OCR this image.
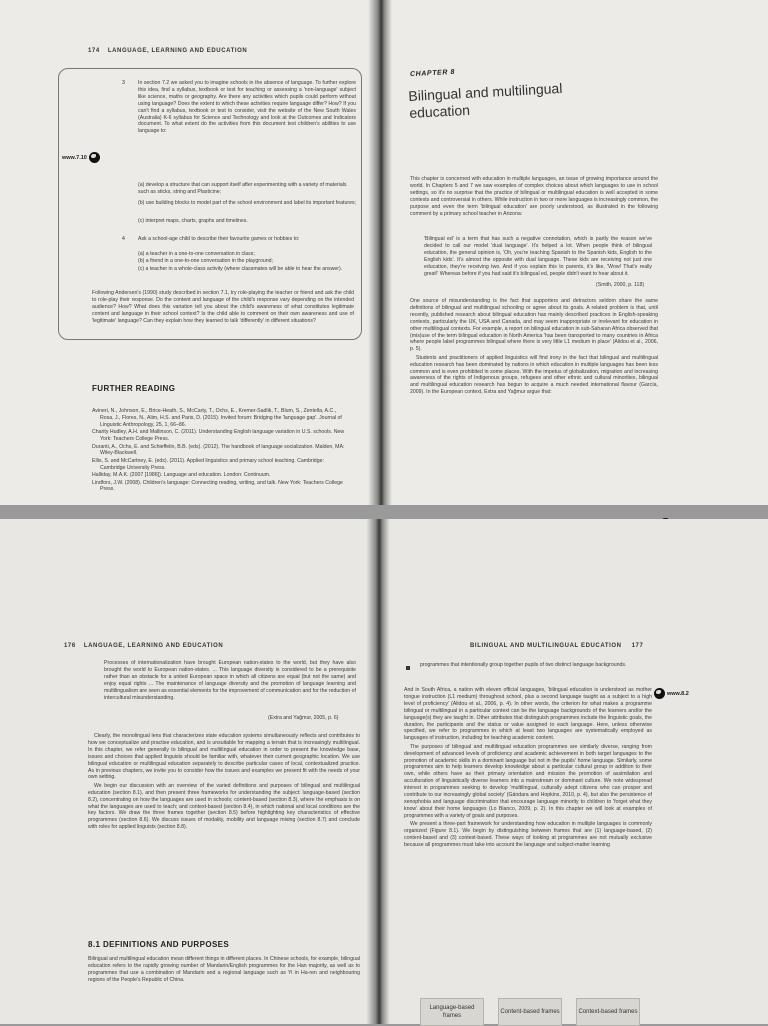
174 LANGUAGE, LEARNING AND EDUCATION
www.7.10
3	In section 7.2 we asked you to imagine schools in the absence of language. To further explore this idea, find a syllabus, textbook or test for teaching or assessing a 'non-language' subject like science, maths or geography. Are there any activities which pupils could perform without using language? Does the extent to which these activities require language differ? How? If you can't find a syllabus, textbook or test to consider, visit the website of the New South Wales (Australia) K-6 syllabus for Science and Technology and look at the Outcomes and Indicators document. To what extent do the activities from this document test children's abilities to use language to:
(a) develop a structure that can support itself after experimenting with a variety of materials such as sticks, string and Plasticine;
(b) use building blocks to model part of the school environment and label its important features;
(c) interpret maps, charts, graphs and timelines.
4	Ask a school-age child to describe their favourite games or hobbies to:
(a) a teacher in a one-to-one conversation in class;
(b) a friend in a one-to-one conversation in the playground;
(c) a teacher in a whole-class activity (where classmates will be able to hear the answer).
Following Andersen's (1990) study described in section 7.1, try role-playing the teacher or friend and ask the child to role-play their response. Do the content and language of the child's response vary depending on the intended audience? How? What does this variation tell you about the child's awareness of what constitutes legitimate content and language in their school context? Is the child able to comment on their own awareness and use of 'legitimate' language? Can they explain how they learned to talk 'differently' in different situations?
FURTHER READING
Avineri, N., Johnson, E., Brice-Heath, S., McCarty, T., Ochs, E., Kremer-Sadlik, T., Blum, S., Zentella, A.C., Rosa, J., Flores, N., Alim, H.S. and Paris, D. (2015). Invited forum: Bridging the 'language gap'. Journal of Linguistic Anthropology, 25, 1, 66–86.
Charity Hudley, A.H. and Mallinson, C. (2011). Understanding English language variation in U.S. schools. New York: Teachers College Press.
Duranti, A., Ochs, E. and Schieffelin, B.B. (eds). (2012). The handbook of language socialization. Malden, MA: Wiley-Blackwell.
Ellis, S. and McCartney, E. (eds). (2011). Applied linguistics and primary school teaching. Cambridge: Cambridge University Press.
Halliday, M.A.K. (2007 [1986]). Language and education. London: Continuum.
Lindfors, J.W. (2008). Children's language: Connecting reading, writing, and talk. New York: Teachers College Press.
CHAPTER 8
Bilingual and multilingual
education

This chapter is concerned with education in multiple languages, an issue of growing importance around the world. In Chapters 5 and 7 we saw examples of complex choices about which languages to use in school settings, so it's no surprise that the practice of bilingual or multilingual education is well accepted in some contexts and controversial in others. While instruction in two or more languages is increasingly common, the purpose and even the term 'bilingual education' are poorly understood, as illustrated in the following comment by a primary school teacher in Arizona:

'Bilingual ed' is a term that has such a negative connotation, which is partly the reason we've decided to call our model 'dual language'. It's helped a lot. When people think of bilingual education, the general opinion is, 'Oh, you're teaching Spanish to the Spanish kids, English to the English kids'. It's almost the opposite with dual language. These kids are receiving not just one education, they're receiving two. And if you explain this to parents, it's like, 'Wow! That's really great!' Whereas before if you had said it's bilingual ed, people didn't want to hear about it.
(Smith, 2000, p. 118)

One source of misunderstanding is the fact that supporters and detractors seldom share the same definitions of bilingual and multilingual schooling or agree about its goals. A related problem is that, until recently, published research about bilingual education has mainly described practices in English-speaking contexts, particularly the UK, USA and Canada, and may seem inappropriate or irrelevant for education in other multilingual contexts. For example, a report on bilingual education in sub-Saharan Africa observed that (mis)use of the term bilingual education in North America 'has been transported to many countries in Africa where people label programmes bilingual where there is very little L1 medium in place' (Alidou et al., 2006, p. 5).

Students and practitioners of applied linguistics will find irony in the fact that bilingual and multilingual education research has been dominated by nations in which education in multiple languages has been less common and is even prohibited in some places. With the impetus of globalization, migration and increasing awareness of the rights of Indigenous groups, refugees and other ethnic and cultural minorities, bilingual and multilingual education research has begun to acquire a much needed international flavour (García, 2009). In the European context, Extra and Yağmur argue that:

176 LANGUAGE, LEARNING AND EDUCATION
Processes of internationalization have brought European nation-states to the world, but they have also brought the world to European nation-states. ... This language diversity is considered to be a prerequisite rather than an obstacle for a united European space in which all citizens are equal (but not the same) and enjoy equal rights ... The maintenance of language diversity and the promotion of language learning and multilingualism are seen as essential elements for the improvement of communication and for the reduction of intercultural misunderstanding.
(Extra and Yağmur, 2005, p. 6)

Clearly, the monolingual lens that characterizes state education systems simultaneously reflects and contributes to how we conceptualize and practise education, and is unsuitable for mapping a terrain that is increasingly multilingual. In this chapter, we refer generally to bilingual and multilingual education in order to present the knowledge base, issues and choices that applied linguists should be familiar with, whatever their current geographic location. We use bilingual education or multilingual education separately to describe particular cases of local, contextualized practice. As in previous chapters, we invite you to consider how the issues and examples we present fit with the needs of your own setting.

We begin our discussion with an overview of the varied definitions and purposes of bilingual and multilingual education (section 8.1), and then present three frameworks for understanding the subject: language-based (section 8.2), concentrating on how the languages are used in schools; content-based (section 8.3), where the emphasis is on what the languages are used to teach; and context-based (section 8.4), in which national and local conditions are the key factors. We draw the three frames together (section 8.5) before highlighting key characteristics of effective programmes (section 8.6). We discuss issues of modality, mobility and language mixing (section 8.7) and conclude with roles for applied linguists (section 8.8).

8.1 DEFINITIONS AND PURPOSES

Bilingual and multilingual education mean different things in different places. In Chinese schools, for example, bilingual education refers to the rapidly growing number of Mandarin/English programmes for the Han majority, as well as to programmes that use a combination of Mandarin and a regional language such as Yi in Ha-ren and neighbouring regions of the People's Republic of China.

BILINGUAL AND MULTILINGUAL EDUCATION 177

programmes that intentionally group together pupils of two distinct language backgrounds.

www.8.2

And in South Africa, a nation with eleven official languages, 'bilingual education is understood as mother tongue instruction (L1 medium) throughout school, plus a second language taught as a subject to a high level of proficiency' (Alidou et al., 2006, p. 4). In other words, the criterion for what makes a programme bilingual or multilingual in a particular context can be the language backgrounds of the learners and/or the language(s) they are taught in. Other attributes that distinguish programmes include the linguistic goals, the duration, the participants and the status or value assigned to each language. Here, unless otherwise specified, we refer to programmes in which at least two languages are systematically employed as languages of instruction, including for teaching academic content.

The purposes of bilingual and multilingual education programmes are similarly diverse, ranging from development of advanced levels of proficiency and academic achievement in both target languages to the promotion of academic skills in a dominant language but not in the pupils' home language. Similarly, some programmes aim to help learners develop knowledge about a particular cultural group in addition to their own, while others have as their primary orientation and mission the promotion of assimilation and acculturation of linguistically diverse learners into a mainstream or dominant culture. We note widespread interest in programmes seeking to develop 'multilingual, culturally adept citizens who can prosper and contribute to our increasingly global society' (Gándara and Hopkins, 2010, p. 4), but also the persistence of xenophobia and language discrimination that encourage language minority to children to 'forget what they know' about their home languages (Lo Bianco, 2009, p. 2). In this chapter we will look at examples of programmes with a variety of goals and purposes.

We present a three-part framework for understanding how education in multiple languages is commonly organized (Figure 8.1). We begin by distinguishing between frames that are (1) language-based, (2) content-based and (3) context-based. These ways of looking at programmes are not mutually exclusive because all programmes must take into account the language and subject-matter learning

Language-based frames
Content-based frames	Context-based frames
